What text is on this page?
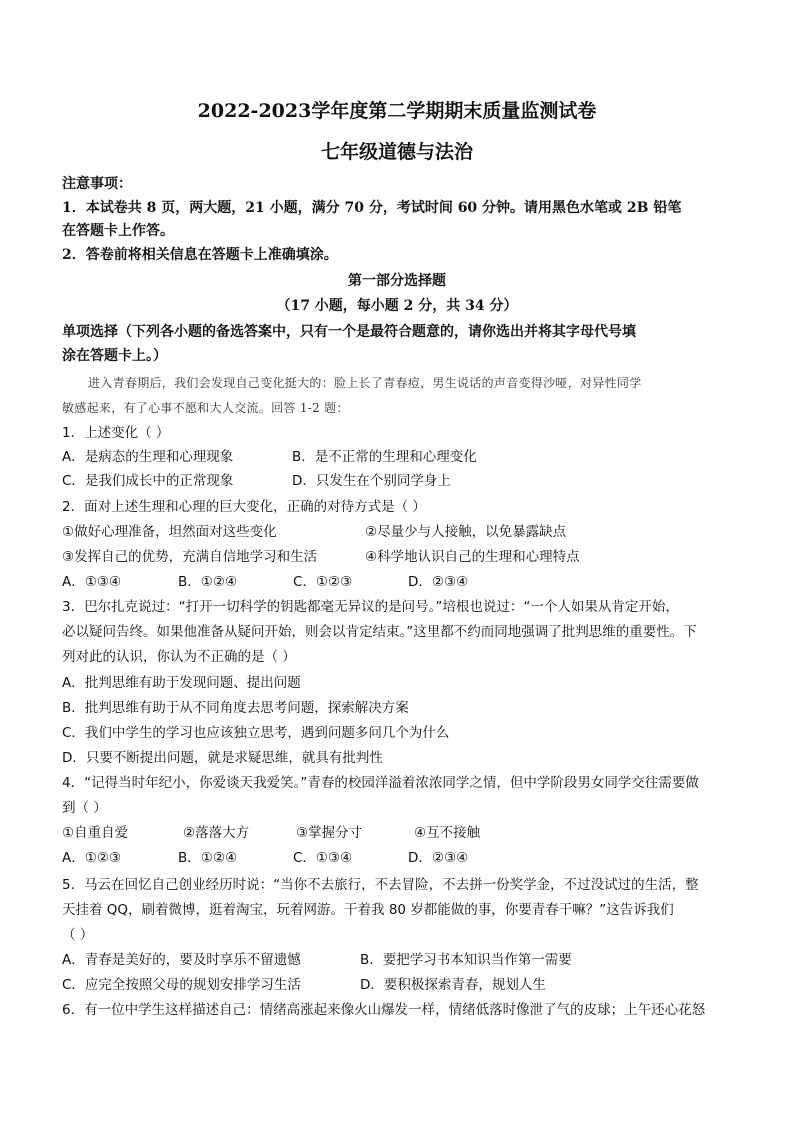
2022-2023学年度第二学期期末质量监测试卷
七年级道德与法治
注意事项：
1．本试卷共 8 页，两大题，21 小题，满分 70 分，考试时间 60 分钟。请用黑色水笔或 2B 铅笔
在答题卡上作答。
2．答卷前将相关信息在答题卡上准确填涂。
第一部分选择题
（17 小题，每小题 2 分，共 34 分）
单项选择（下列各小题的备选答案中，只有一个是最符合题意的，请你选出并将其字母代号填
涂在答题卡上。）
进入青春期后，我们会发现自己变化挺大的：脸上长了青春痘，男生说话的声音变得沙哑，对异性同学
敏感起来，有了心事不愿和大人交流。回答 1-2 题：
1．上述变化（ ）
A．是病态的生理和心理现象	B．是不正常的生理和心理变化
C．是我们成长中的正常现象	D．只发生在个别同学身上
2．面对上述生理和心理的巨大变化，正确的对待方式是（ ）
①做好心理准备，坦然面对这些变化	②尽量少与人接触，以免暴露缺点
③发挥自己的优势，充满自信地学习和生活	④科学地认识自己的生理和心理特点
A．①③④	B．①②④	C．①②③	D．②③④
3．巴尔扎克说过：“打开一切科学的钥匙都毫无异议的是问号。”培根也说过：“一个人如果从肯定开始，
必以疑问告终。如果他准备从疑问开始，则会以肯定结束。”这里都不约而同地强调了批判思维的重要性。下
列对此的认识，你认为不正确的是（ ）
A．批判思维有助于发现问题、提出问题
B．批判思维有助于从不同角度去思考问题，探索解决方案
C．我们中学生的学习也应该独立思考，遇到问题多问几个为什么
D．只要不断提出问题，就是求疑思维，就具有批判性
4．“记得当时年纪小，你爱谈天我爱笑。”青春的校园洋溢着浓浓同学之情，但中学阶段男女同学交往需要做
到（ ）
①自重自爱	②落落大方	③掌握分寸	④互不接触
A．①②③	B．①②④	C．①③④	D．②③④
5．马云在回忆自己创业经历时说：“当你不去旅行，不去冒险，不去拼一份奖学金，不过没试过的生活，整
天挂着 QQ，刷着微博，逛着淘宝，玩着网游。干着我 80 岁都能做的事，你要青春干嘛？”这告诉我们
（ ）
A．青春是美好的，要及时享乐不留遗憾	B．要把学习书本知识当作第一需要
C．应完全按照父母的规划安排学习生活	D．要积极探索青春，规划人生
6．有一位中学生这样描述自己：情绪高涨起来像火山爆发一样，情绪低落时像泄了气的皮球；上午还心花怒
